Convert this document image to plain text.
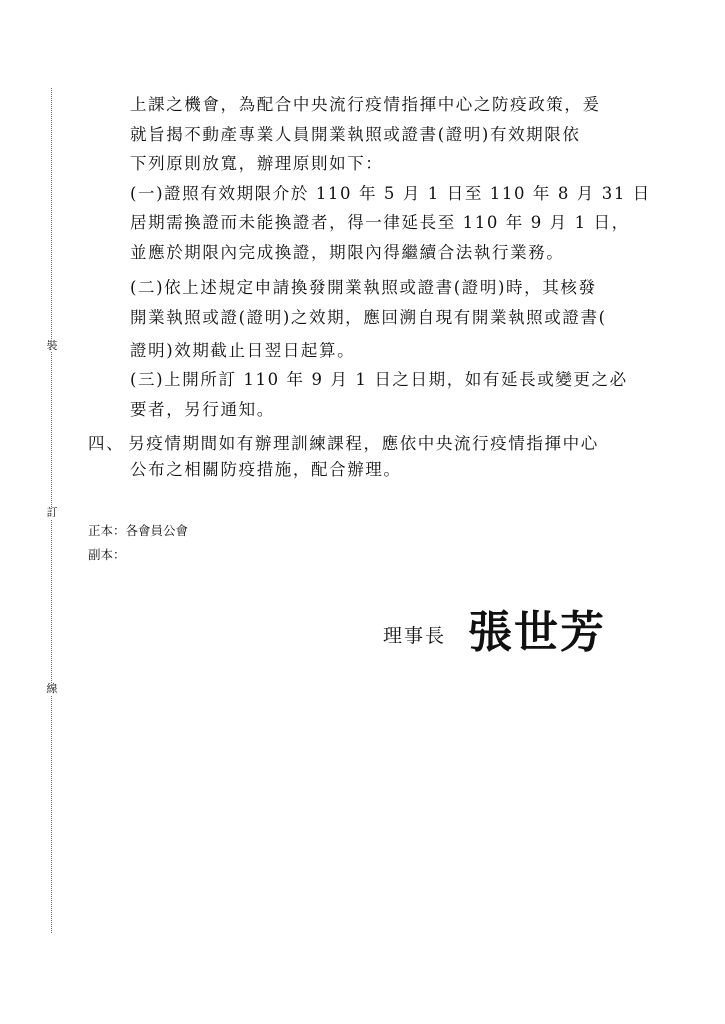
裝
訂
線
上課之機會，為配合中央流行疫情指揮中心之防疫政策，爰
就旨揭不動產專業人員開業執照或證書(證明)有效期限依
下列原則放寬，辦理原則如下：
(一)證照有效期限介於 110 年 5 月 1 日至 110 年 8 月 31 日
居期需換證而未能換證者，得一律延長至 110 年 9 月 1 日，
並應於期限內完成換證，期限內得繼續合法執行業務。
(二)依上述規定申請換發開業執照或證書(證明)時，其核發
開業執照或證(證明)之效期，應回溯自現有開業執照或證書(
證明)效期截止日翌日起算。
(三)上開所訂 110 年 9 月 1 日之日期，如有延長或變更之必
要者，另行通知。
四、 另疫情期間如有辦理訓練課程，應依中央流行疫情指揮中心
公布之相關防疫措施，配合辦理。
正本：各會員公會
副本：
理事長 張世芳
